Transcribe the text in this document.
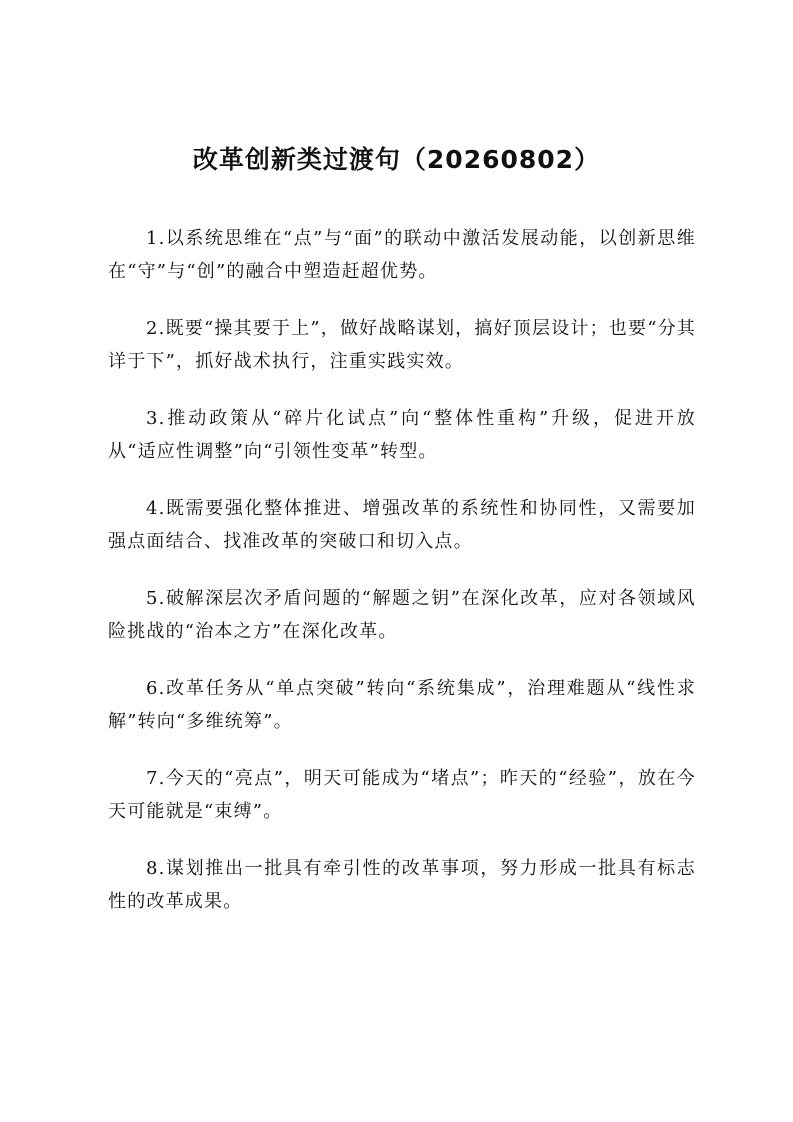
改革创新类过渡句（20260802）

1.以系统思维在“点”与“面”的联动中激活发展动能，以创新思维在“守”与“创”的融合中塑造赶超优势。

2.既要“操其要于上”，做好战略谋划，搞好顶层设计；也要“分其详于下”，抓好战术执行，注重实践实效。

3.推动政策从“碎片化试点”向“整体性重构”升级，促进开放从“适应性调整”向“引领性变革”转型。

4.既需要强化整体推进、增强改革的系统性和协同性，又需要加强点面结合、找准改革的突破口和切入点。

5.破解深层次矛盾问题的“解题之钥”在深化改革，应对各领域风险挑战的“治本之方”在深化改革。

6.改革任务从“单点突破”转向“系统集成”，治理难题从“线性求解”转向“多维统筹”。

7.今天的“亮点”，明天可能成为“堵点”；昨天的“经验”，放在今天可能就是“束缚”。

8.谋划推出一批具有牵引性的改革事项，努力形成一批具有标志性的改革成果。
